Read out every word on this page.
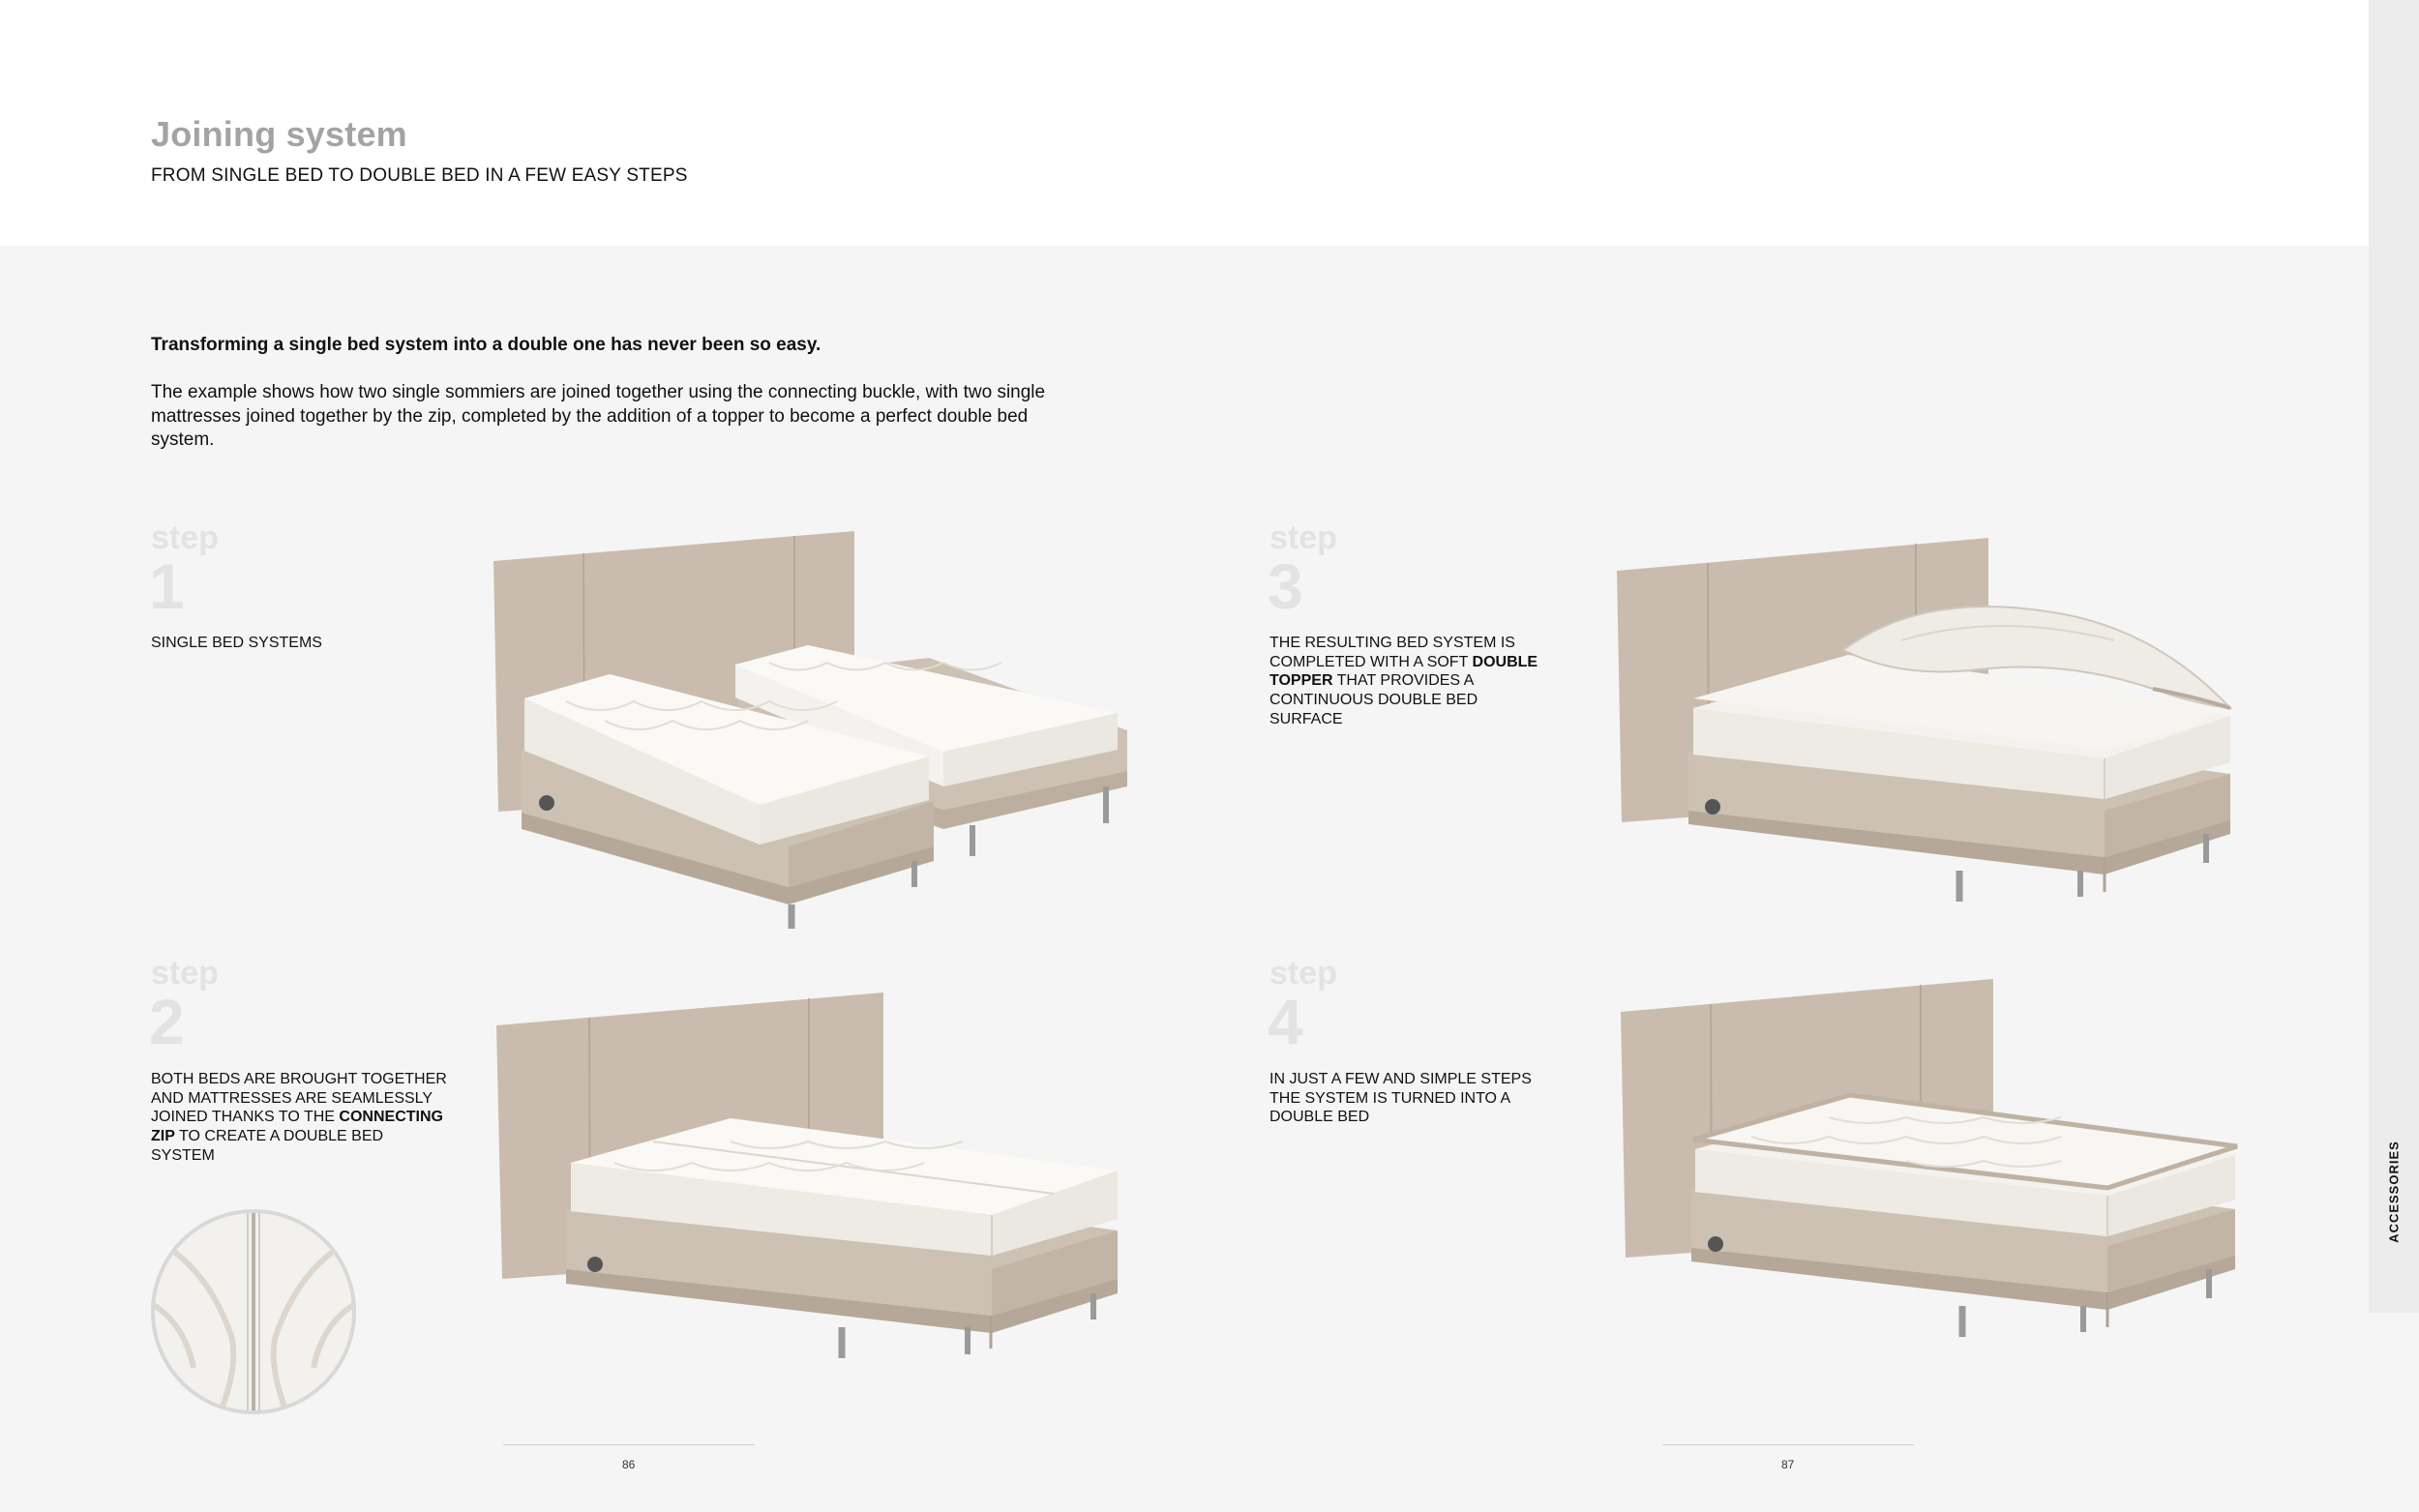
Joining system
FROM SINGLE BED TO DOUBLE BED IN A FEW EASY STEPS
ACCESSORIES
Transforming a single bed system into a double one has never been so easy.
The example shows how two single sommiers are joined together using the connecting buckle, with two single mattresses joined together by the zip, completed by the addition of a topper to become a perfect double bed system.
step
1
SINGLE BED SYSTEMS
step
2
BOTH BEDS ARE BROUGHT TOGETHER AND MATTRESSES ARE SEAMLESSLY JOINED THANKS TO THE CONNECTING ZIP TO CREATE A DOUBLE BED SYSTEM
step
3
THE RESULTING BED SYSTEM IS COMPLETED WITH A SOFT DOUBLE TOPPER THAT PROVIDES A CONTINUOUS DOUBLE BED SURFACE
step
4
IN JUST A FEW AND SIMPLE STEPS THE SYSTEM IS TURNED INTO A DOUBLE BED
86	87
